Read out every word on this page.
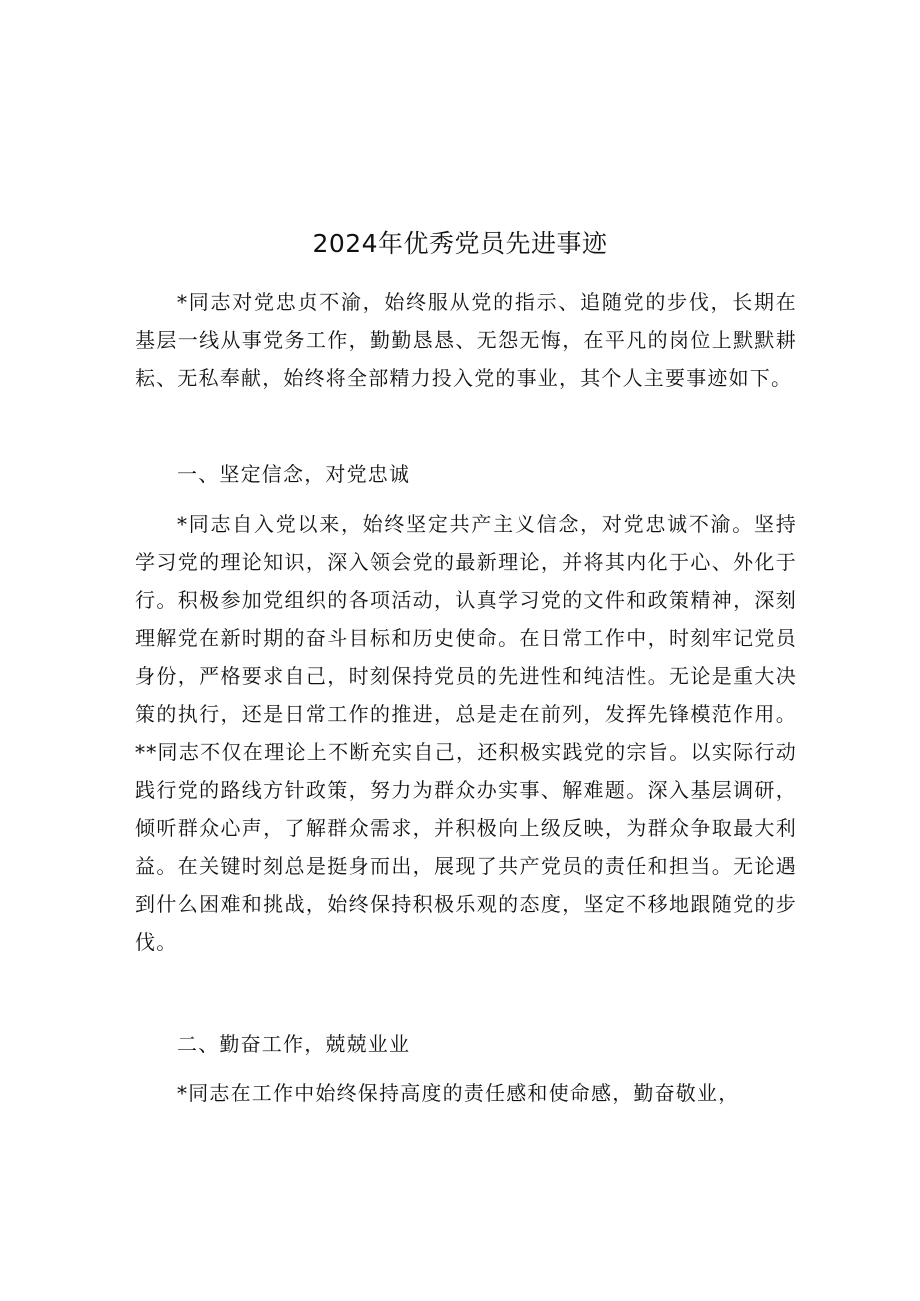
2024年优秀党员先进事迹

*同志对党忠贞不渝，始终服从党的指示、追随党的步伐，长期在基层一线从事党务工作，勤勤恳恳、无怨无悔，在平凡的岗位上默默耕耘、无私奉献，始终将全部精力投入党的事业，其个人主要事迹如下。

一、坚定信念，对党忠诚

*同志自入党以来，始终坚定共产主义信念，对党忠诚不渝。坚持学习党的理论知识，深入领会党的最新理论，并将其内化于心、外化于行。积极参加党组织的各项活动，认真学习党的文件和政策精神，深刻理解党在新时期的奋斗目标和历史使命。在日常工作中，时刻牢记党员身份，严格要求自己，时刻保持党员的先进性和纯洁性。无论是重大决策的执行，还是日常工作的推进，总是走在前列，发挥先锋模范作用。**同志不仅在理论上不断充实自己，还积极实践党的宗旨。以实际行动践行党的路线方针政策，努力为群众办实事、解难题。深入基层调研，倾听群众心声，了解群众需求，并积极向上级反映，为群众争取最大利益。在关键时刻总是挺身而出，展现了共产党员的责任和担当。无论遇到什么困难和挑战，始终保持积极乐观的态度，坚定不移地跟随党的步伐。

二、勤奋工作，兢兢业业

*同志在工作中始终保持高度的责任感和使命感，勤奋敬业，
